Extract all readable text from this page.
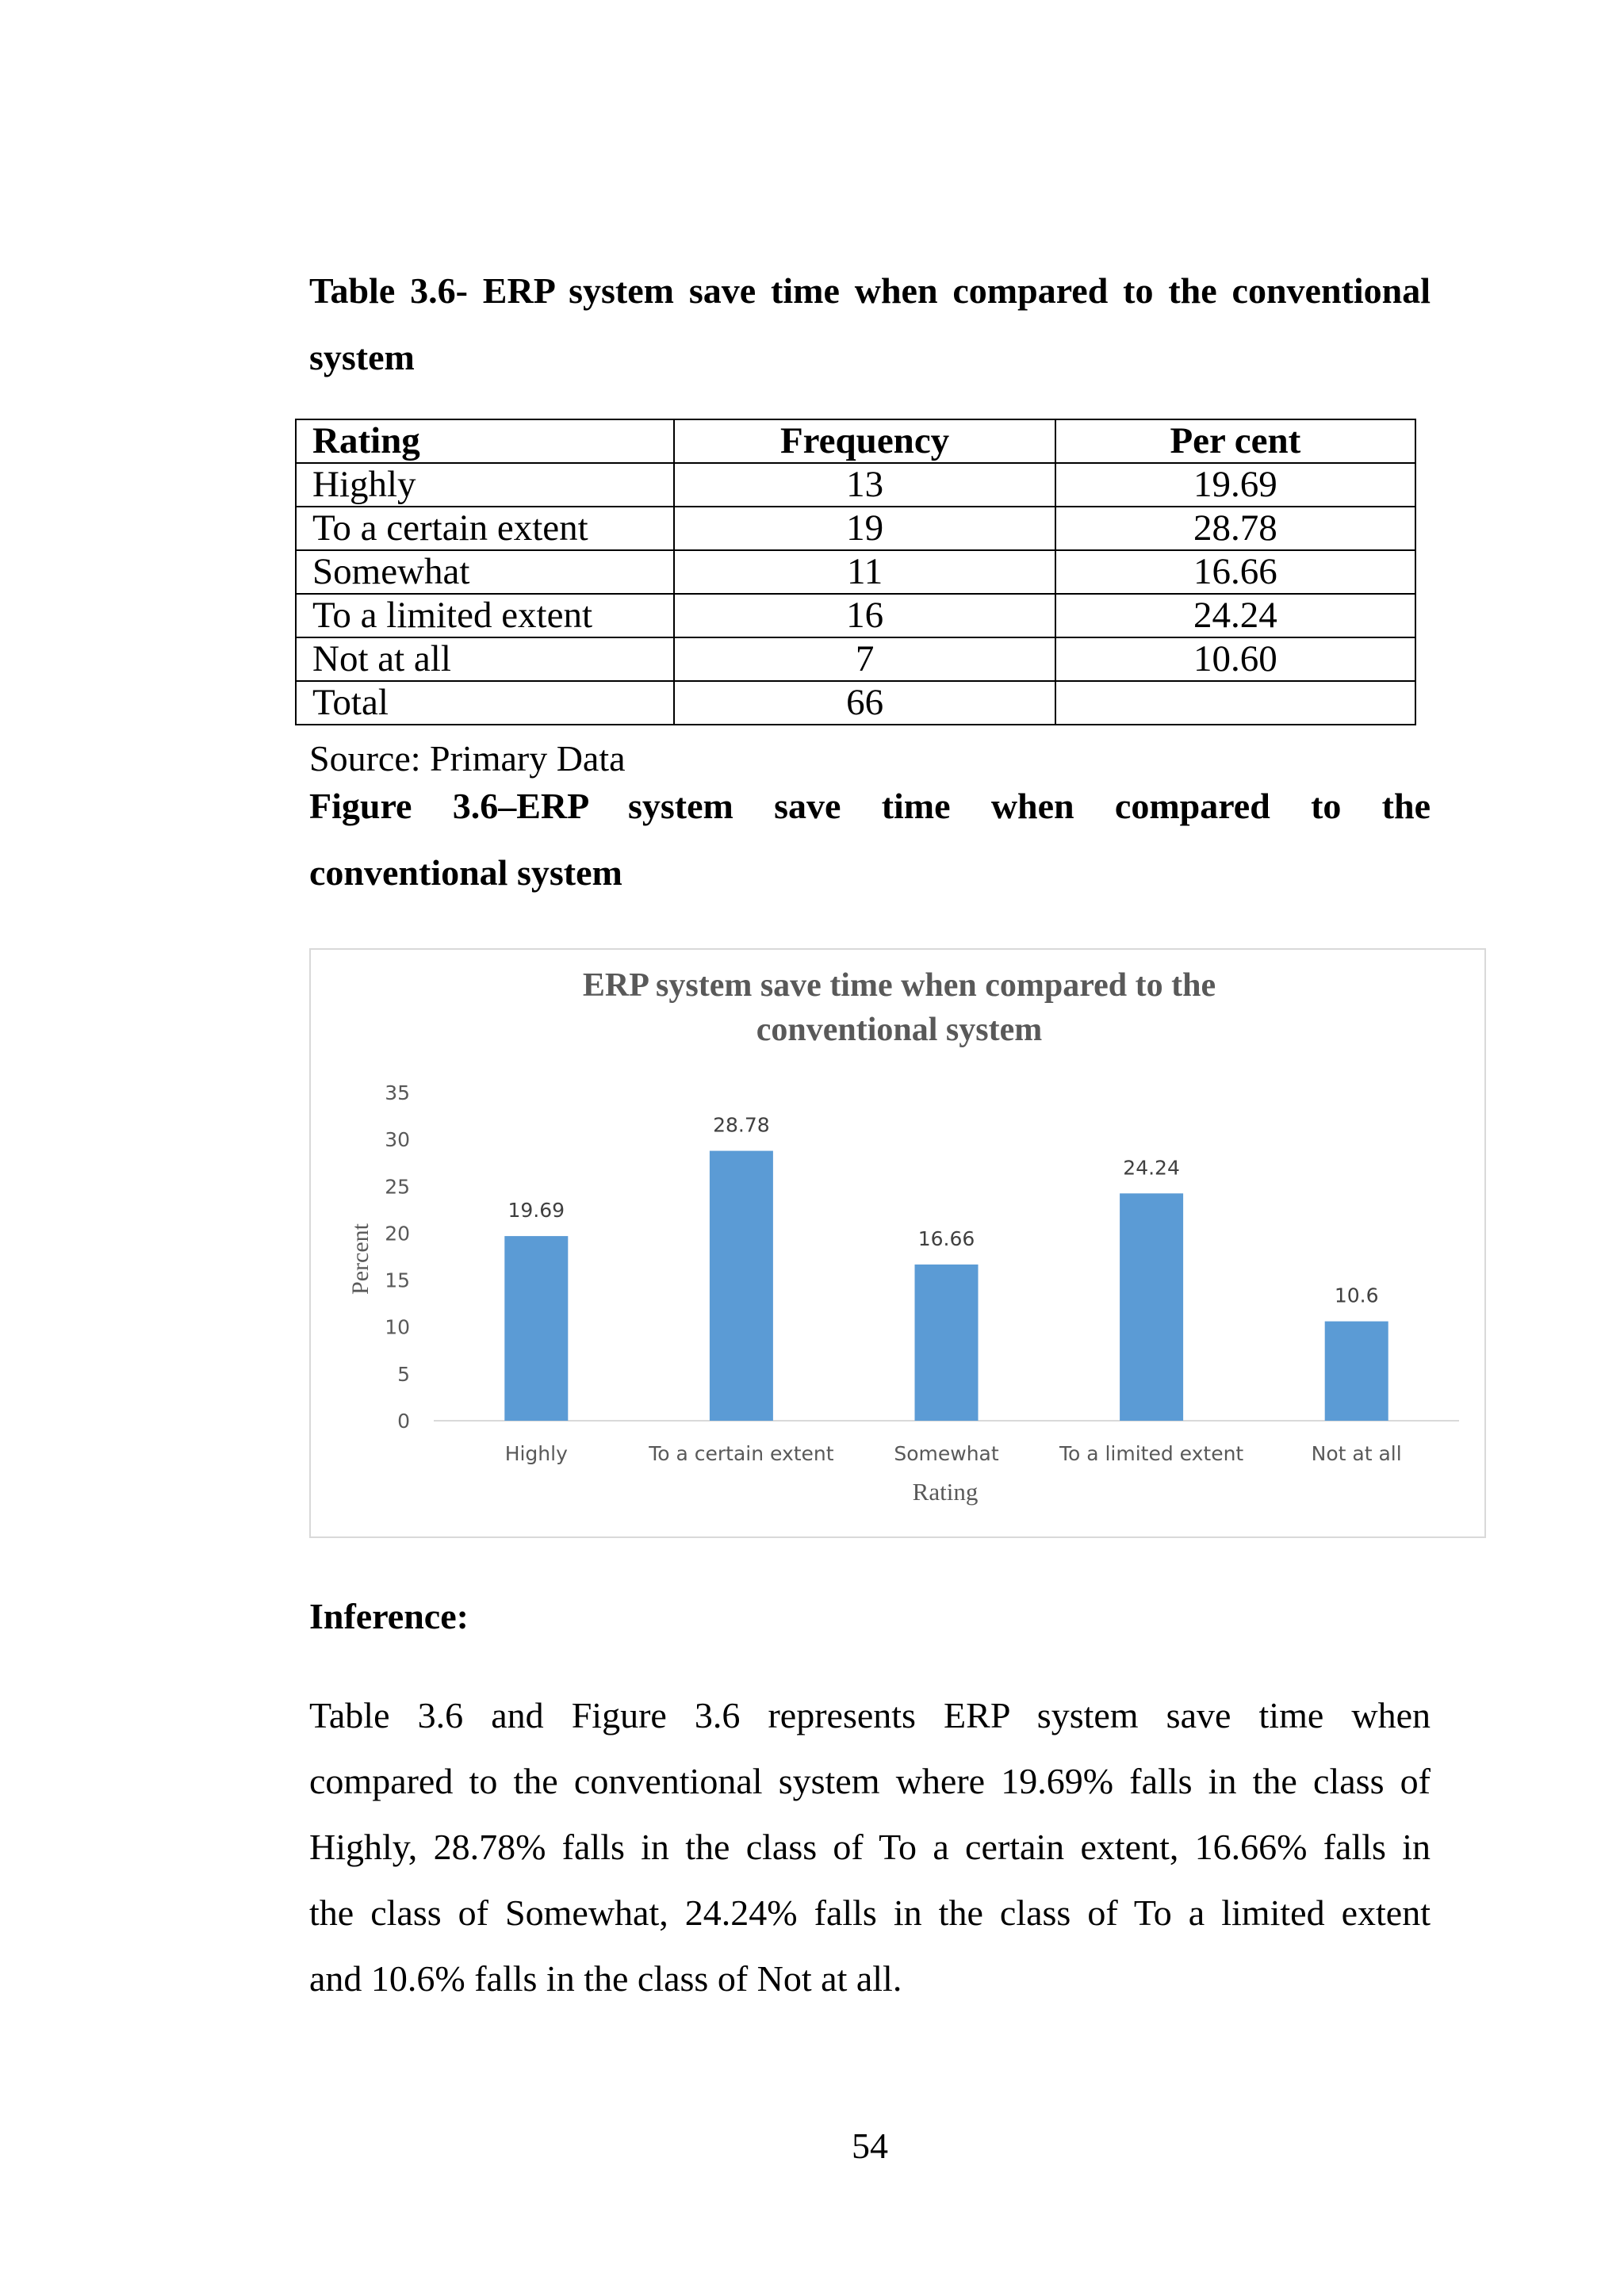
Table 3.6- ERP system save time when compared to the conventional
system
Rating	Frequency	Per cent
Highly	13	19.69
To a certain extent	19	28.78
Somewhat	11	16.66
To a limited extent	16	24.24
Not at all	7	10.60
Total	66	
Source: Primary Data
Figure 3.6–ERP system save time when compared to the
conventional system
ERP system save time when compared to the
conventional system
Percent
Rating
0
5
10
15
20
25
30
35
19.69
Highly
28.78
To a certain extent
16.66
Somewhat
24.24
To a limited extent
10.6
Not at all
Inference:
Table 3.6 and Figure 3.6 represents ERP system save time when
compared to the conventional system where 19.69% falls in the class of
Highly, 28.78% falls in the class of To a certain extent, 16.66% falls in
the class of Somewhat, 24.24% falls in the class of To a limited extent
and 10.6% falls in the class of Not at all.
54
